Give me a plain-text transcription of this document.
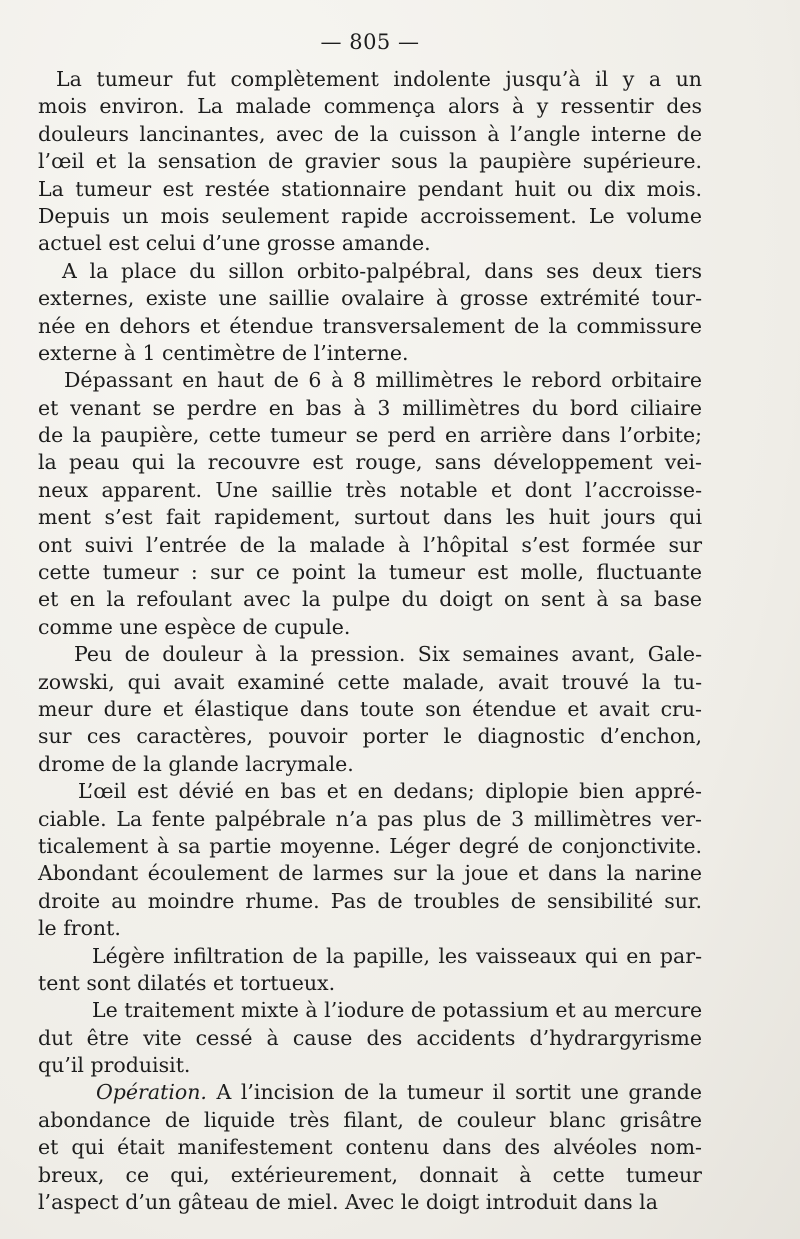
— 805 —
La tumeur fut complètement indolente jusqu’à il y a un
mois environ. La malade commença alors à y ressentir des
douleurs lancinantes, avec de la cuisson à l’angle interne de
l’œil et la sensation de gravier sous la paupière supérieure.
La tumeur est restée stationnaire pendant huit ou dix mois.
Depuis un mois seulement rapide accroissement. Le volume
actuel est celui d’une grosse amande.
A la place du sillon orbito-palpébral, dans ses deux tiers
externes, existe une saillie ovalaire à grosse extrémité tour-
née en dehors et étendue transversalement de la commissure
externe à 1 centimètre de l’interne.
Dépassant en haut de 6 à 8 millimètres le rebord orbitaire
et venant se perdre en bas à 3 millimètres du bord ciliaire
de la paupière, cette tumeur se perd en arrière dans l’orbite;
la peau qui la recouvre est rouge, sans développement vei-
neux apparent. Une saillie très notable et dont l’accroisse-
ment s’est fait rapidement, surtout dans les huit jours qui
ont suivi l’entrée de la malade à l’hôpital s’est formée sur
cette tumeur : sur ce point la tumeur est molle, fluctuante
et en la refoulant avec la pulpe du doigt on sent à sa base
comme une espèce de cupule.
Peu de douleur à la pression. Six semaines avant, Gale-
zowski, qui avait examiné cette malade, avait trouvé la tu-
meur dure et élastique dans toute son étendue et avait cru-
sur ces caractères, pouvoir porter le diagnostic d’enchon,
drome de la glande lacrymale.
L’œil est dévié en bas et en dedans; diplopie bien appré-
ciable. La fente palpébrale n’a pas plus de 3 millimètres ver-
ticalement à sa partie moyenne. Léger degré de conjonctivite.
Abondant écoulement de larmes sur la joue et dans la narine
droite au moindre rhume. Pas de troubles de sensibilité sur.
le front.
Légère infiltration de la papille, les vaisseaux qui en par-
tent sont dilatés et tortueux.
Le traitement mixte à l’iodure de potassium et au mercure
dut être vite cessé à cause des accidents d’hydrargyrisme
qu’il produisit.
Opération. A l’incision de la tumeur il sortit une grande
abondance de liquide très filant, de couleur blanc grisâtre
et qui était manifestement contenu dans des alvéoles nom-
breux, ce qui, extérieurement, donnait à cette tumeur
l’aspect d’un gâteau de miel. Avec le doigt introduit dans la
